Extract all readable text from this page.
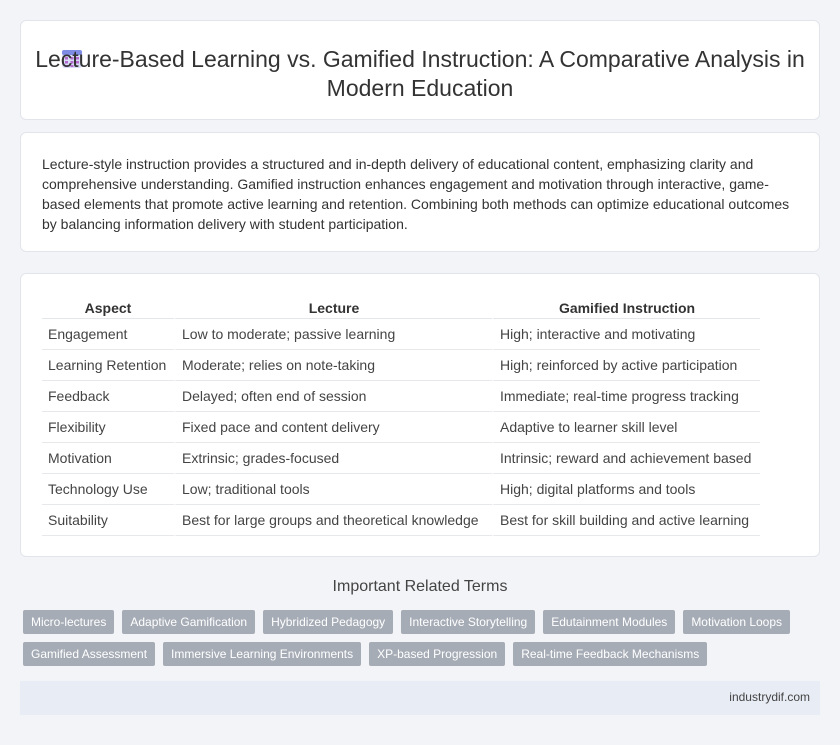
Lecture-Based Learning vs. Gamified Instruction: A Comparative Analysis in Modern Education

Lecture-style instruction provides a structured and in-depth delivery of educational content, emphasizing clarity and comprehensive understanding. Gamified instruction enhances engagement and motivation through interactive, game-based elements that promote active learning and retention. Combining both methods can optimize educational outcomes by balancing information delivery with student participation.

Aspect	Lecture	Gamified Instruction
Engagement	Low to moderate; passive learning	High; interactive and motivating
Learning Retention	Moderate; relies on note-taking	High; reinforced by active participation
Feedback	Delayed; often end of session	Immediate; real-time progress tracking
Flexibility	Fixed pace and content delivery	Adaptive to learner skill level
Motivation	Extrinsic; grades-focused	Intrinsic; reward and achievement based
Technology Use	Low; traditional tools	High; digital platforms and tools
Suitability	Best for large groups and theoretical knowledge	Best for skill building and active learning
Important Related Terms
Micro-lectures	Adaptive Gamification	Hybridized Pedagogy	Interactive Storytelling	Edutainment Modules	Motivation Loops
Gamified Assessment	Immersive Learning Environments	XP-based Progression	Real-time Feedback Mechanisms
industrydif.com
